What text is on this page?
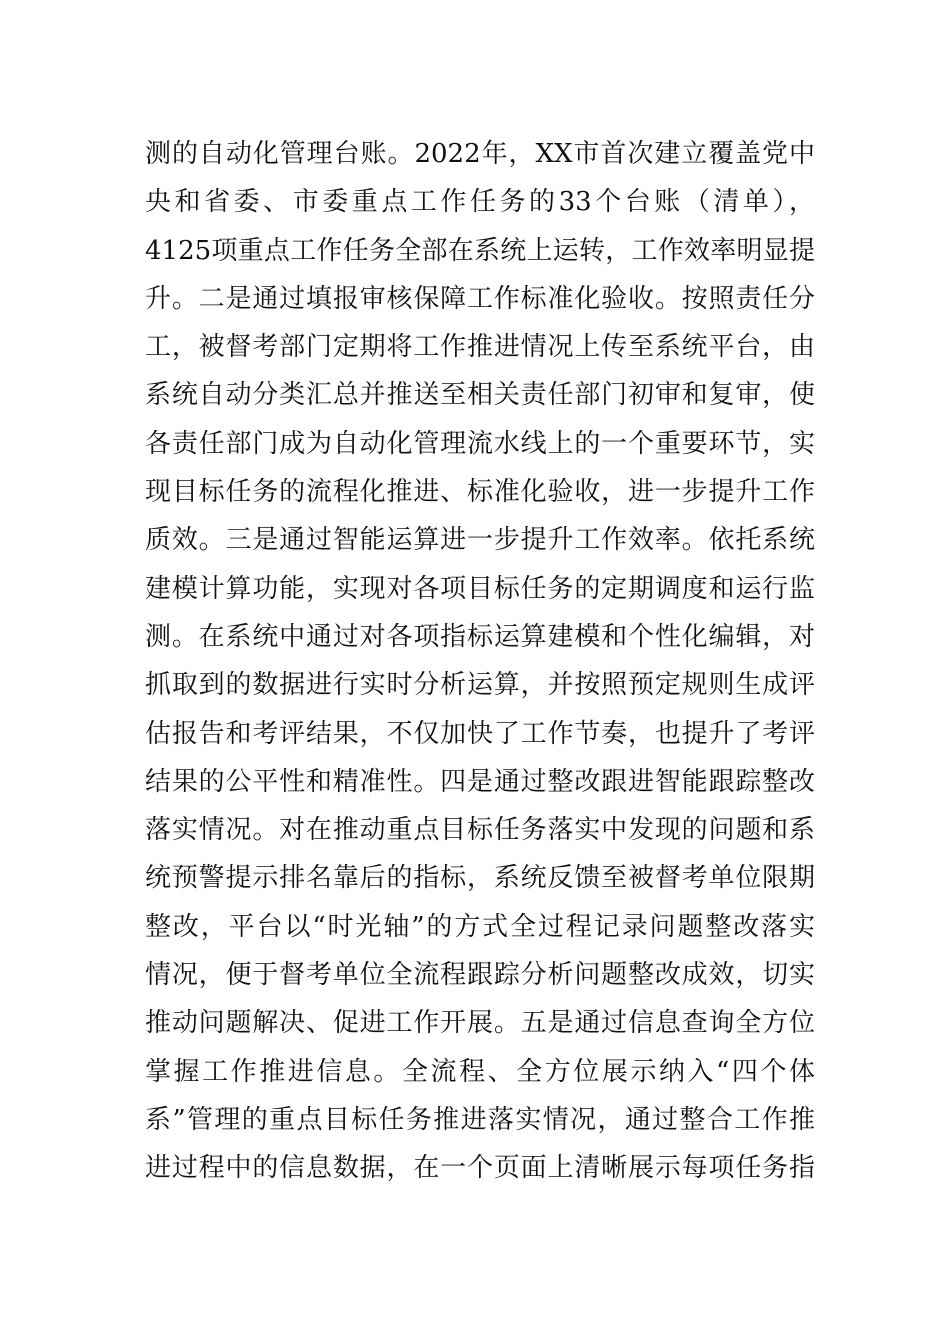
测的自动化管理台账。2022年，XX市首次建立覆盖党中
央和省委、市委重点工作任务的33个台账（清单），
4125项重点工作任务全部在系统上运转，工作效率明显提
升。二是通过填报审核保障工作标准化验收。按照责任分
工，被督考部门定期将工作推进情况上传至系统平台，由
系统自动分类汇总并推送至相关责任部门初审和复审，使
各责任部门成为自动化管理流水线上的一个重要环节，实
现目标任务的流程化推进、标准化验收，进一步提升工作
质效。三是通过智能运算进一步提升工作效率。依托系统
建模计算功能，实现对各项目标任务的定期调度和运行监
测。在系统中通过对各项指标运算建模和个性化编辑，对
抓取到的数据进行实时分析运算，并按照预定规则生成评
估报告和考评结果，不仅加快了工作节奏，也提升了考评
结果的公平性和精准性。四是通过整改跟进智能跟踪整改
落实情况。对在推动重点目标任务落实中发现的问题和系
统预警提示排名靠后的指标，系统反馈至被督考单位限期
整改，平台以“时光轴”的方式全过程记录问题整改落实
情况，便于督考单位全流程跟踪分析问题整改成效，切实
推动问题解决、促进工作开展。五是通过信息查询全方位
掌握工作推进信息。全流程、全方位展示纳入“四个体
系”管理的重点目标任务推进落实情况，通过整合工作推
进过程中的信息数据，在一个页面上清晰展示每项任务指
